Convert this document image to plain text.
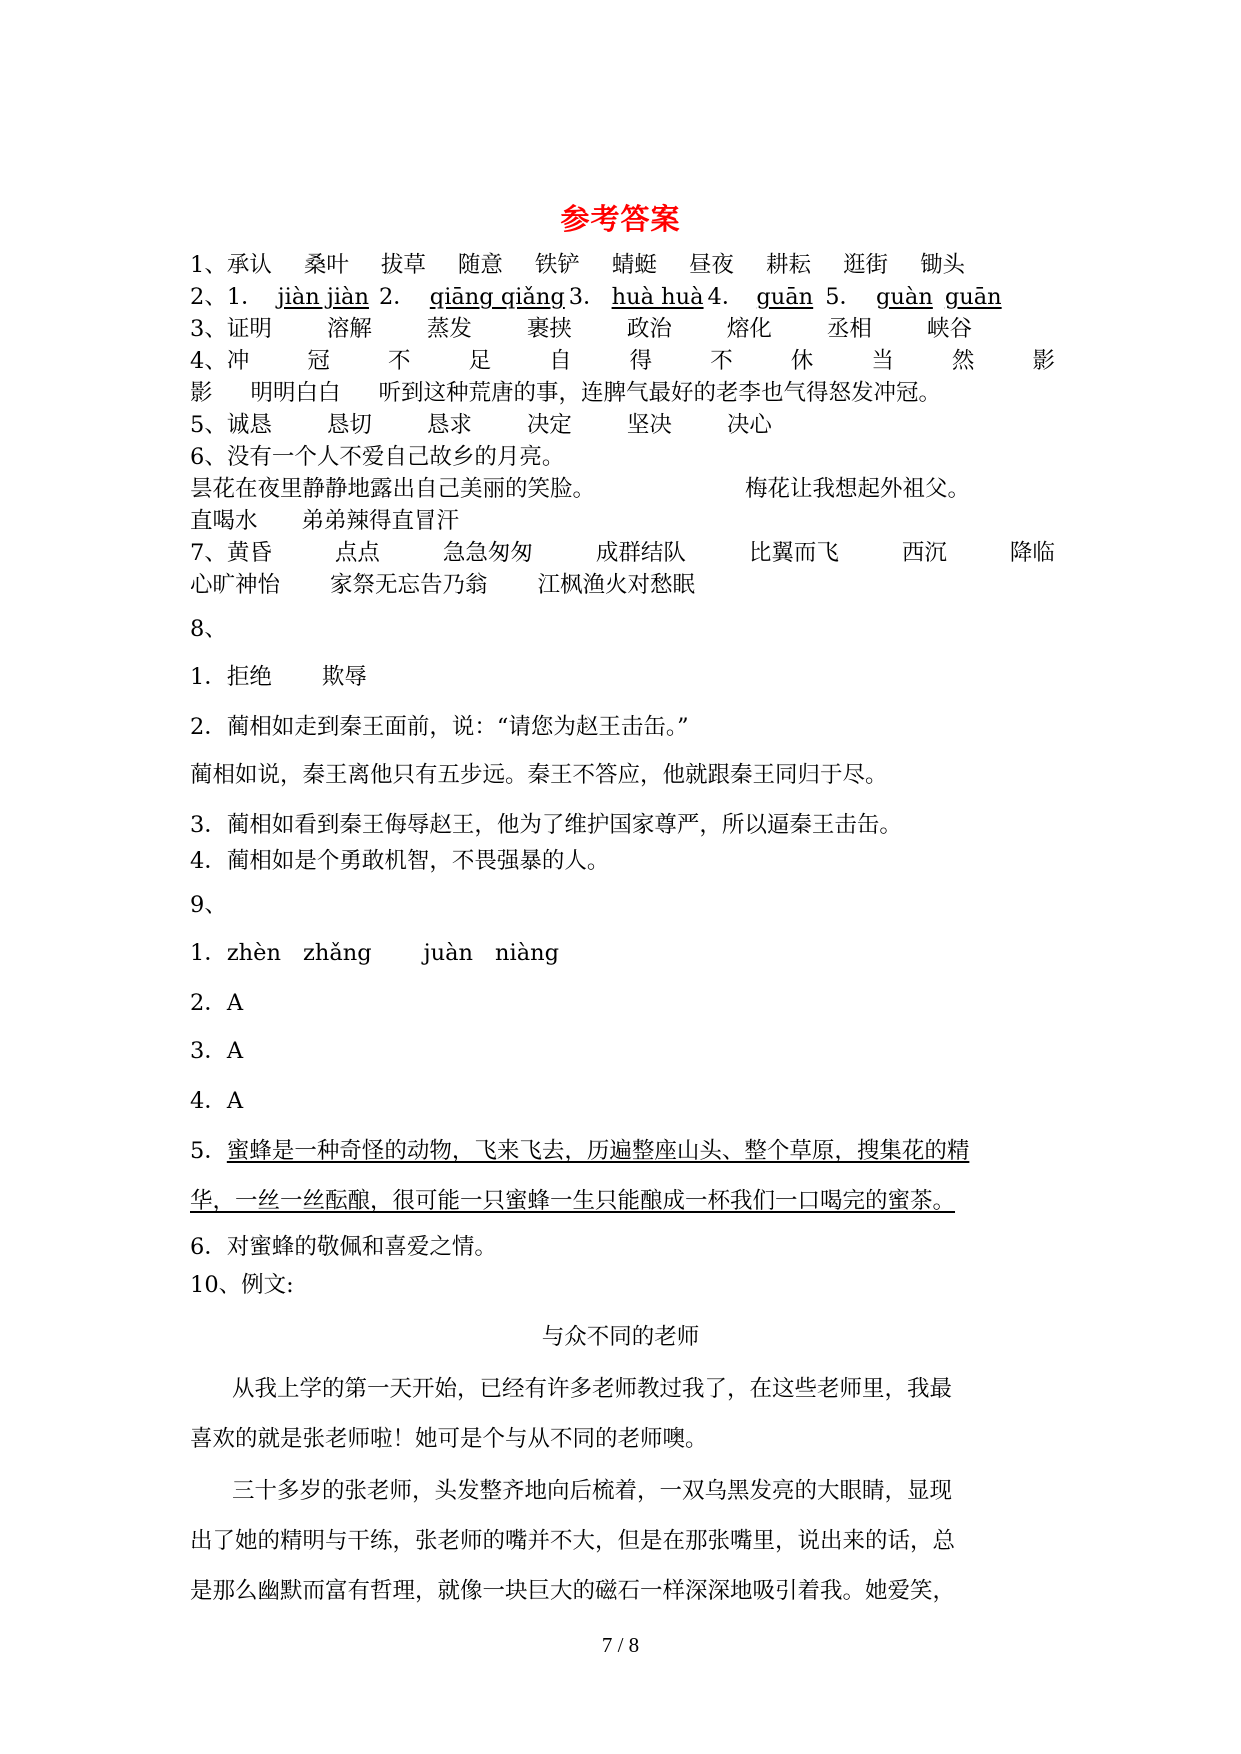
参考答案
1、承认 桑叶 拔草 随意 铁铲 蜻蜓 昼夜 耕耘 逛街 锄头
2、1． jiàn jiàn 2． qiāng qiǎng 3． huà huà 4． guān 5． guàn guān
3、证明 溶解 蒸发 裹挟 政治 熔化 丞相 峡谷
4、冲	冠	不	足	自	得	不	休	当	然	影
影 明明白白 听到这种荒唐的事，连脾气最好的老李也气得怒发冲冠。
5、诚恳 恳切 恳求 决定 坚决 决心
6、没有一个人不爱自己故乡的月亮。
昙花在夜里静静地露出自己美丽的笑脸。	梅花让我想起外祖父。
直喝水 弟弟辣得直冒汗
7、黄昏	点点	急急匆匆	成群结队	比翼而飞	西沉	降临
心旷神怡 家祭无忘告乃翁 江枫渔火对愁眠
8、
1．拒绝 欺辱
2．蔺相如走到秦王面前，说：“请您为赵王击缶。”
蔺相如说，秦王离他只有五步远。秦王不答应，他就跟秦王同归于尽。
3．蔺相如看到秦王侮辱赵王，他为了维护国家尊严，所以逼秦王击缶。
4．蔺相如是个勇敢机智，不畏强暴的人。
9、
1．zhèn zhǎng juàn niàng
2．A
3．A
4．A
5．蜜蜂是一种奇怪的动物，飞来飞去，历遍整座山头、整个草原，搜集花的精
华，一丝一丝酝酿，很可能一只蜜蜂一生只能酿成一杯我们一口喝完的蜜茶。
6．对蜜蜂的敬佩和喜爱之情。
10、例文:
与众不同的老师
从我上学的第一天开始，已经有许多老师教过我了，在这些老师里，我最
喜欢的就是张老师啦！她可是个与从不同的老师噢。
三十多岁的张老师，头发整齐地向后梳着，一双乌黑发亮的大眼睛，显现
出了她的精明与干练，张老师的嘴并不大，但是在那张嘴里，说出来的话，总
是那么幽默而富有哲理，就像一块巨大的磁石一样深深地吸引着我。她爱笑，
7 / 8
